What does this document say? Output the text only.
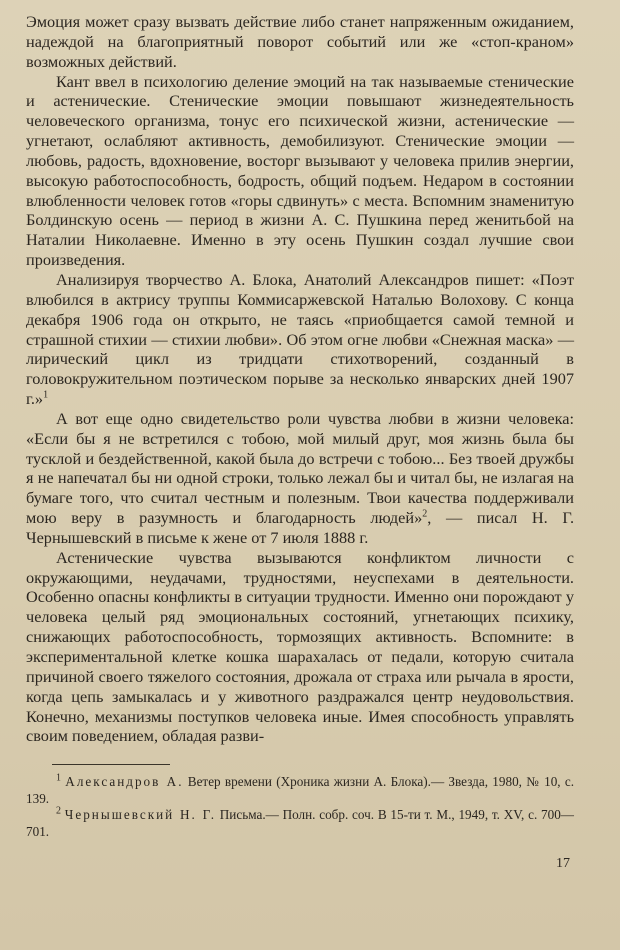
Эмоция может сразу вызвать действие либо станет напряженным ожиданием, надеждой на благоприятный поворот событий или же «стоп-краном» возможных действий.

Кант ввел в психологию деление эмоций на так называемые стенические и астенические. Стенические эмоции повышают жизнедеятельность человеческого организма, тонус его психической жизни, астенические — угнетают, ослабляют активность, демобилизуют. Стенические эмоции — любовь, радость, вдохновение, восторг вызывают у человека прилив энергии, высокую работоспособность, бодрость, общий подъем. Недаром в состоянии влюбленности человек готов «горы сдвинуть» с места. Вспомним знаменитую Болдинскую осень — период в жизни А. С. Пушкина перед женитьбой на Наталии Николаевне. Именно в эту осень Пушкин создал лучшие свои произведения.

Анализируя творчество А. Блока, Анатолий Александров пишет: «Поэт влюбился в актрису труппы Коммисаржевской Наталью Волохову. С конца декабря 1906 года он открыто, не таясь «приобщается самой темной и страшной стихии — стихии любви». Об этом огне любви «Снежная маска» — лирический цикл из тридцати стихотворений, созданный в головокружительном поэтическом порыве за несколько январских дней 1907 г.»$^1$

А вот еще одно свидетельство роли чувства любви в жизни человека: «Если бы я не встретился с тобою, мой милый друг, моя жизнь была бы тусклой и бездейственной, какой была до встречи с тобою... Без твоей дружбы я не напечатал бы ни одной строки, только лежал бы и читал бы, не излагая на бумаге того, что считал честным и полезным. Твои качества поддерживали мою веру в разумность и благодарность людей»$^2$, — писал Н. Г. Чернышевский в письме к жене от 7 июля 1888 г.

Астенические чувства вызываются конфликтом личности с окружающими, неудачами, трудностями, неуспехами в деятельности. Особенно опасны конфликты в ситуации трудности. Именно они порождают у человека целый ряд эмоциональных состояний, угнетающих психику, снижающих работоспособность, тормозящих активность. Вспомните: в экспериментальной клетке кошка шарахалась от педали, которую считала причиной своего тяжелого состояния, дрожала от страха или рычала в ярости, когда цепь замыкалась и у животного раздражался центр неудовольствия. Конечно, механизмы поступков человека иные. Имея способность управлять своим поведением, обладая разви-

$^1$ Александров А. Ветер времени (Хроника жизни А. Блока).— Звезда, 1980, № 10, с. 139.

$^2$ Чернышевский Н. Г. Письма.— Полн. собр. соч. В 15-ти т. М., 1949, т. XV, с. 700—701.

17
